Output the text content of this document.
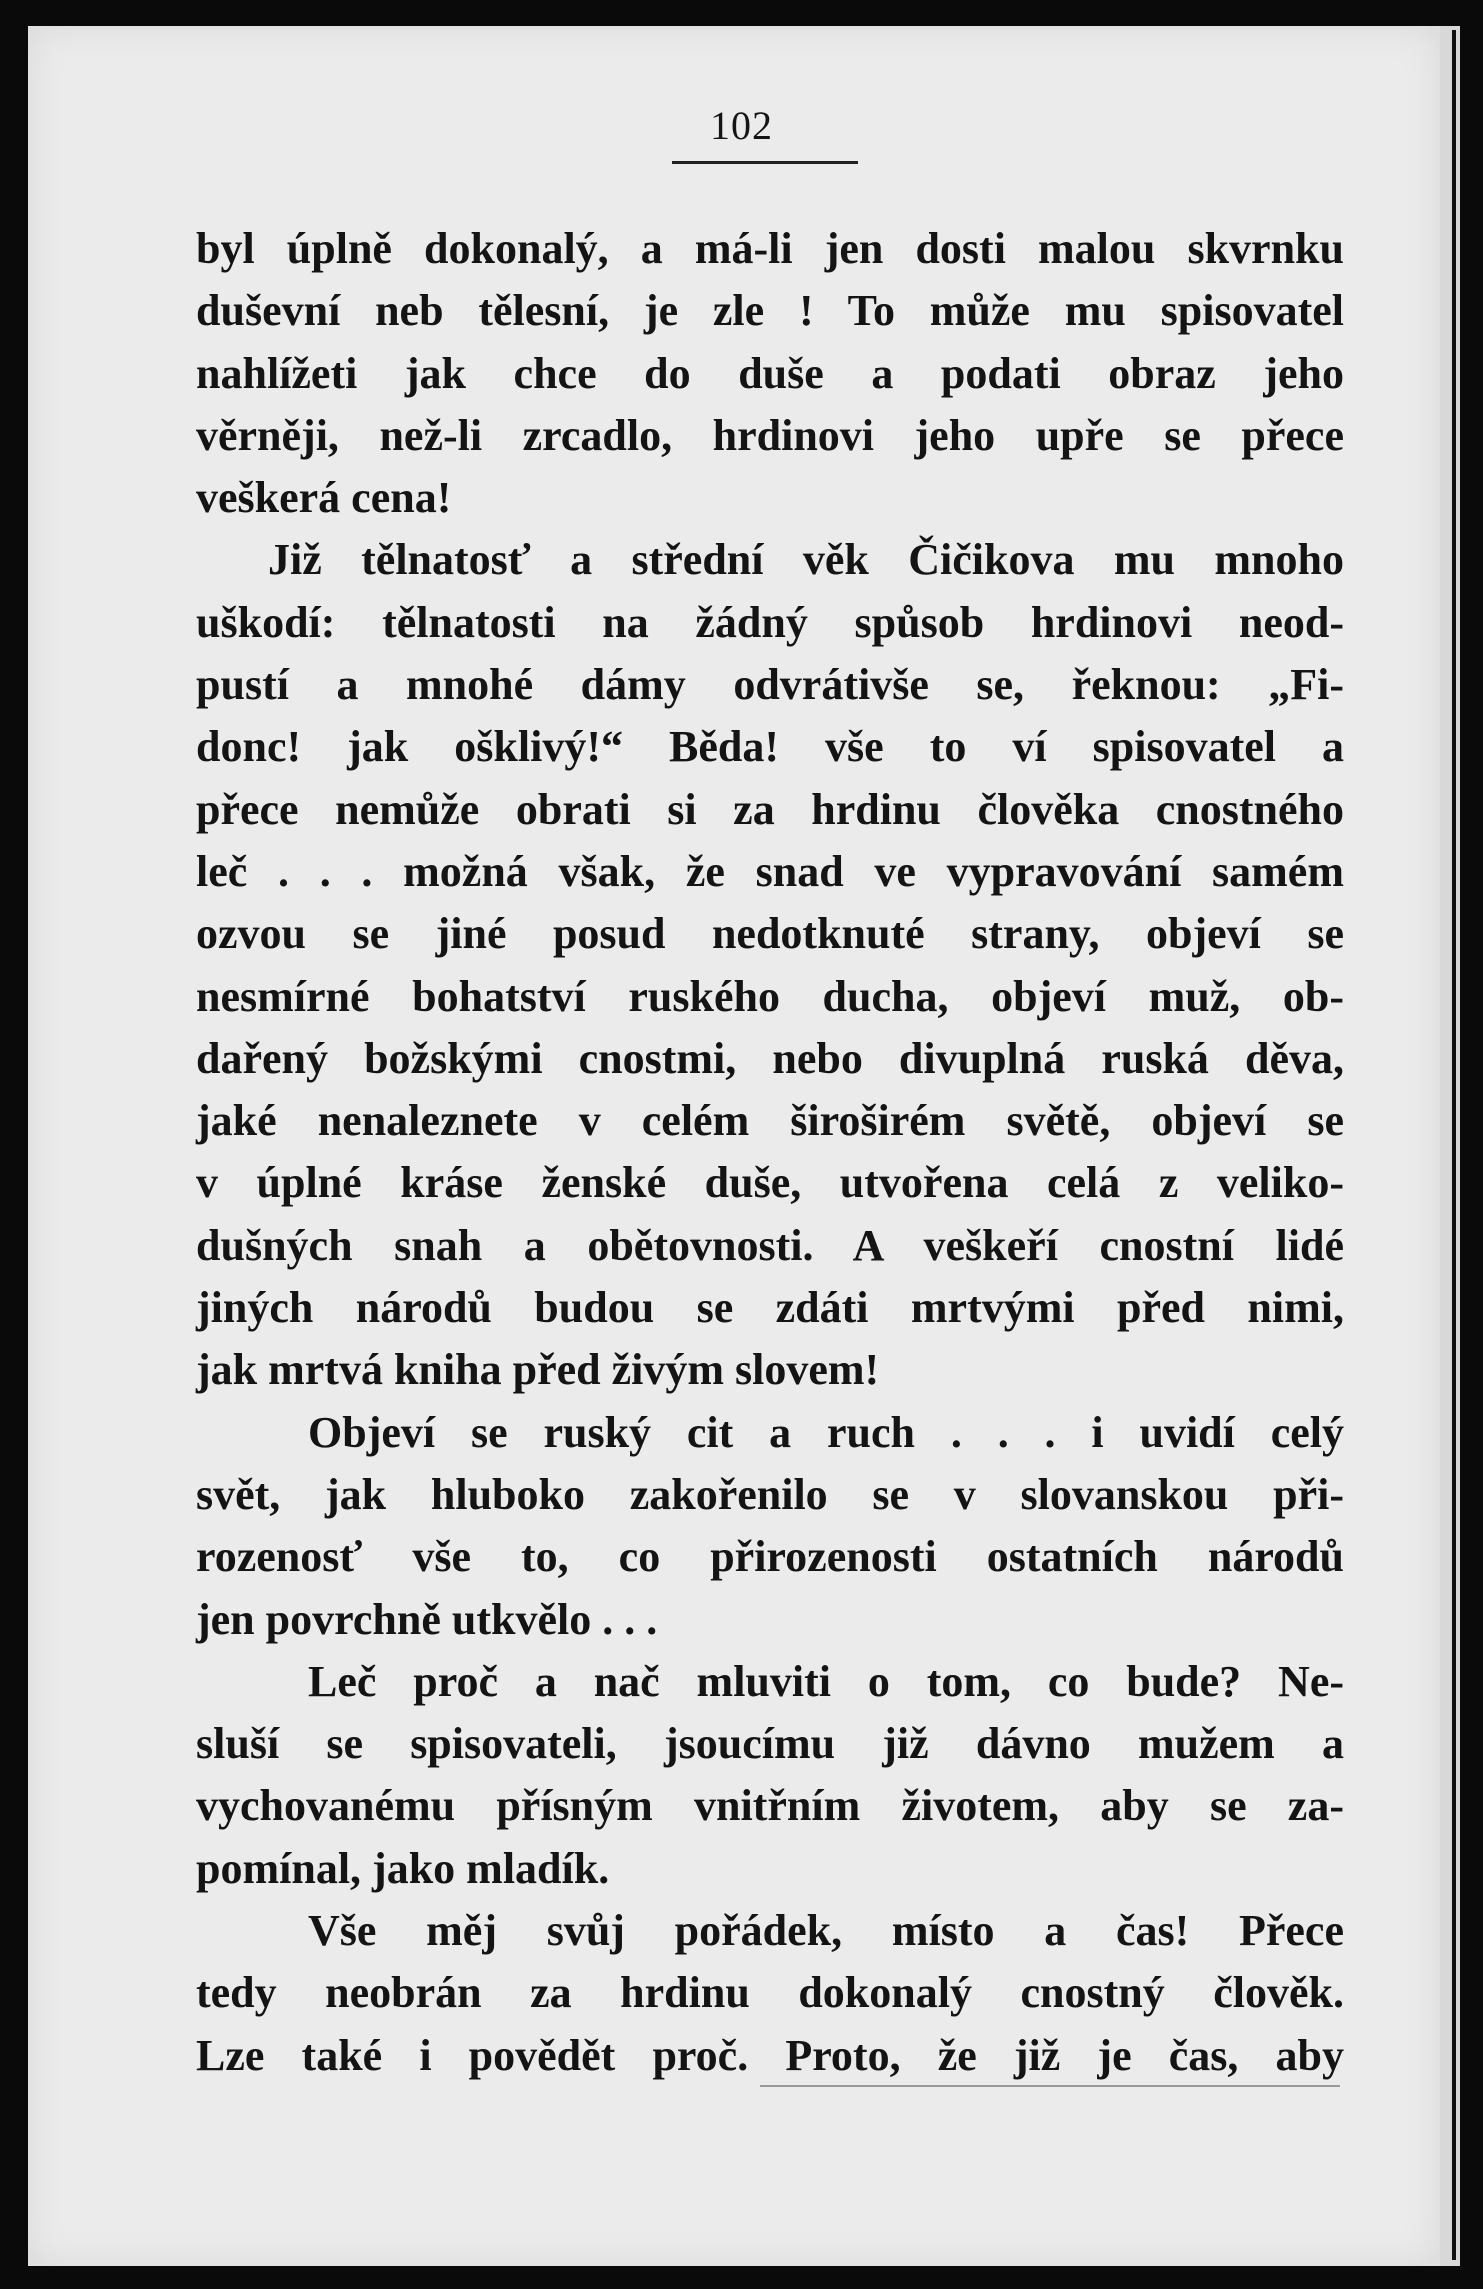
102
byl úplně dokonalý, a má-li jen dosti malou skvrnku
duševní neb tělesní, je zle ! To může mu spisovatel
nahlížeti jak chce do duše a podati obraz jeho
věrněji, než-li zrcadlo, hrdinovi jeho upře se přece
veškerá cena!
Již tělnatosť a střední věk Čičikova mu mnoho
uškodí: tělnatosti na žádný spůsob hrdinovi neod-
pustí a mnohé dámy odvrátivše se, řeknou: „Fi-
donc! jak ošklivý!“ Běda! vše to ví spisovatel a
přece nemůže obrati si za hrdinu člověka cnostného
leč . . . možná však, že snad ve vypravování samém
ozvou se jiné posud nedotknuté strany, objeví se
nesmírné bohatství ruského ducha, objeví muž, ob-
dařený božskými cnostmi, nebo divuplná ruská děva,
jaké nenaleznete v celém široširém světě, objeví se
v úplné kráse ženské duše, utvořena celá z veliko-
dušných snah a obětovnosti. A veškeří cnostní lidé
jiných národů budou se zdáti mrtvými před nimi,
jak mrtvá kniha před živým slovem!
Objeví se ruský cit a ruch . . . i uvidí celý
svět, jak hluboko zakořenilo se v slovanskou při-
rozenosť vše to, co přirozenosti ostatních národů
jen povrchně utkvělo . . .
Leč proč a nač mluviti o tom, co bude? Ne-
sluší se spisovateli, jsoucímu již dávno mužem a
vychovanému přísným vnitřním životem, aby se za-
pomínal, jako mladík.
Vše měj svůj pořádek, místo a čas! Přece
tedy neobrán za hrdinu dokonalý cnostný člověk.
Lze také i povědět proč. Proto, že již je čas, aby
